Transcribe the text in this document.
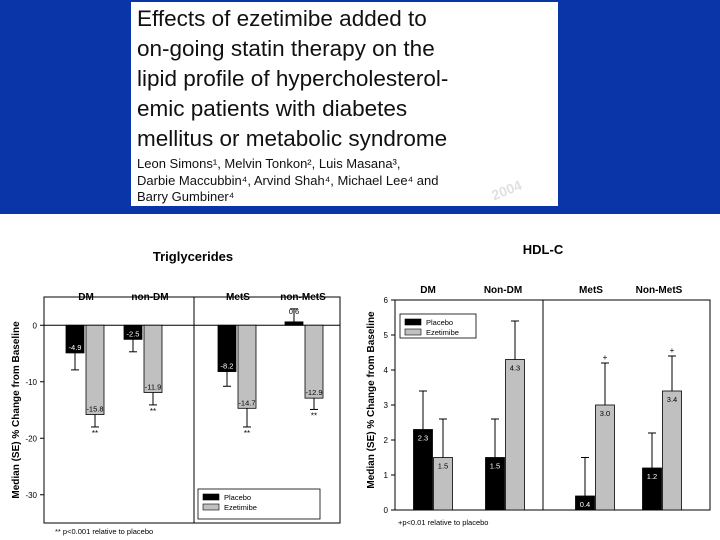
Effects of ezetimibe added to
on-going statin therapy on the
lipid profile of hypercholesterol-
emic patients with diabetes
mellitus or metabolic syndrome
Leon Simons¹, Melvin Tonkon², Luis Masana³,
Darbie Maccubbin⁴, Arvind Shah⁴, Michael Lee⁴ and
Barry Gumbiner⁴	2004
Triglycerides
0
-10
-20
-30
Median (SE) % Change from Baseline
DM	non-DM	MetS	non-MetS
-4.9
-2.5
-8.2
0.6
-15.8
**
-11.9
**
-14.7
**
-12.9
**
Placebo
Ezetimibe
** p<0.001 relative to placebo
HDL-C
0
1
2
3
4
5
6
Median (SE) % Change from Baseline
DM	Non-DM	MetS	Non-MetS
2.3
1.5
0.4
1.2
1.5
4.3
3.0
+
3.4
+
Placebo
Ezetimibe
+p<0.01 relative to placebo
